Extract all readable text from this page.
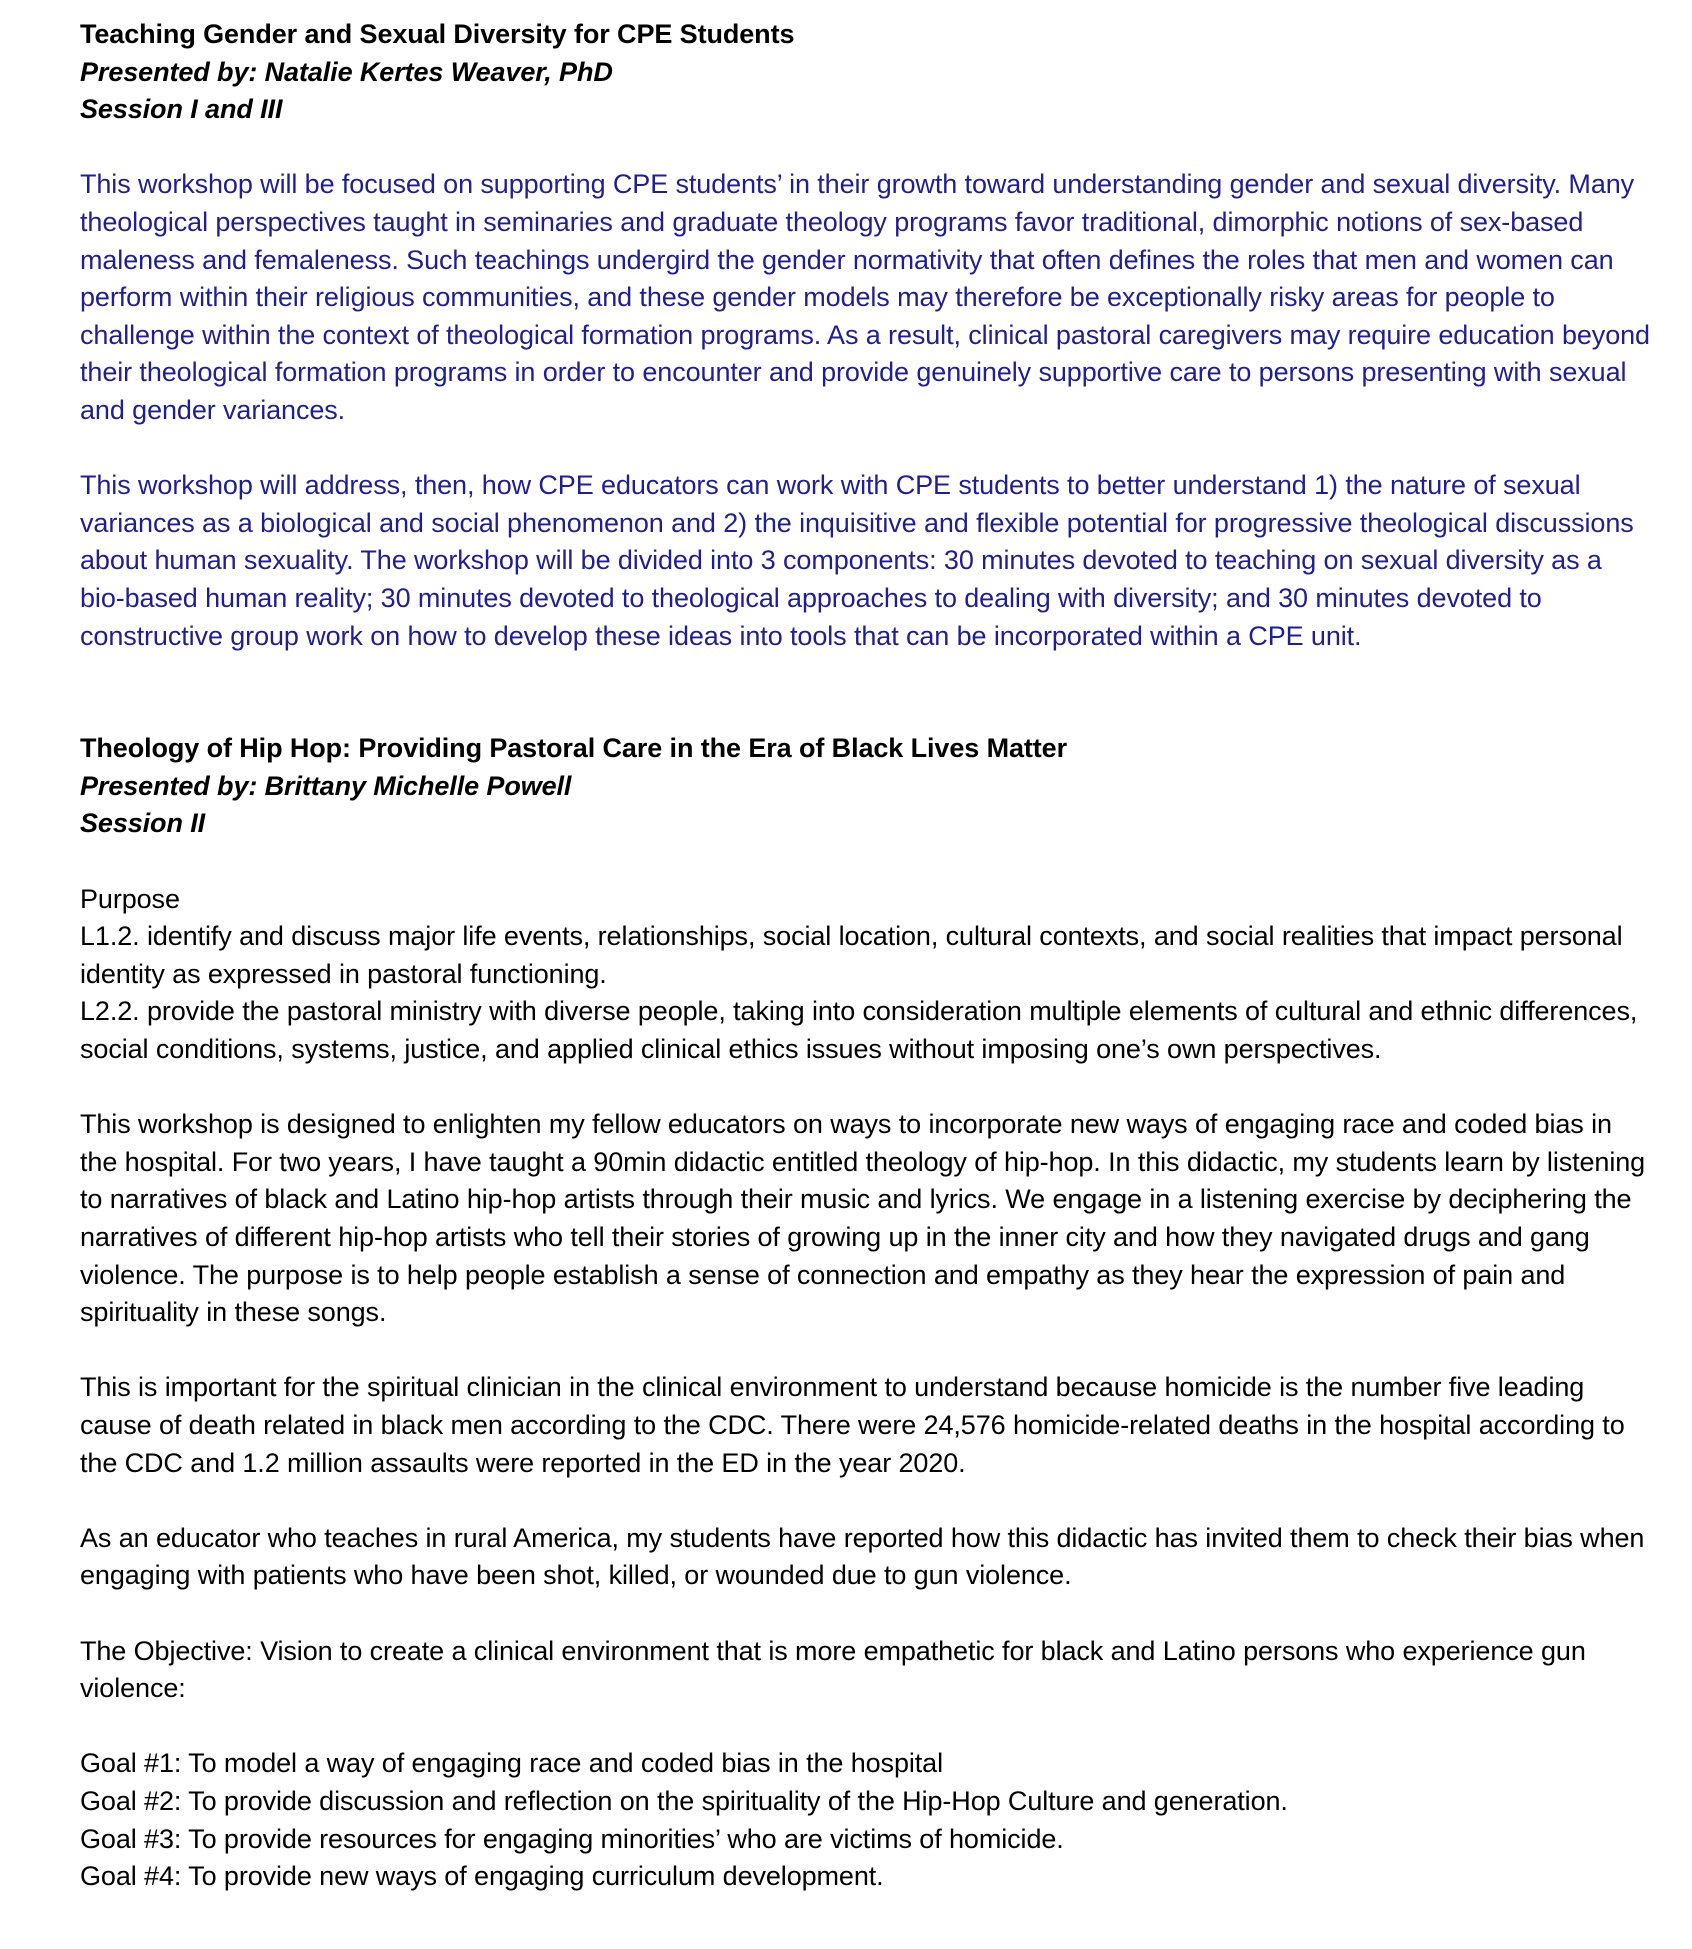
Teaching Gender and Sexual Diversity for CPE Students

Presented by: Natalie Kertes Weaver, PhD

Session I and III

This workshop will be focused on supporting CPE students’ in their growth toward understanding gender and sexual diversity. Many theological perspectives taught in seminaries and graduate theology programs favor traditional, dimorphic notions of sex-based maleness and femaleness. Such teachings undergird the gender normativity that often defines the roles that men and women can perform within their religious communities, and these gender models may therefore be exceptionally risky areas for people to challenge within the context of theological formation programs. As a result, clinical pastoral caregivers may require education beyond their theological formation programs in order to encounter and provide genuinely supportive care to persons presenting with sexual and gender variances.

This workshop will address, then, how CPE educators can work with CPE students to better understand 1) the nature of sexual variances as a biological and social phenomenon and 2) the inquisitive and flexible potential for progressive theological discussions about human sexuality. The workshop will be divided into 3 components: 30 minutes devoted to teaching on sexual diversity as a bio-based human reality; 30 minutes devoted to theological approaches to dealing with diversity; and 30 minutes devoted to constructive group work on how to develop these ideas into tools that can be incorporated within a CPE unit.

Theology of Hip Hop: Providing Pastoral Care in the Era of Black Lives Matter

Presented by: Brittany Michelle Powell

Session II

Purpose

L1.2. identify and discuss major life events, relationships, social location, cultural contexts, and social realities that impact personal identity as expressed in pastoral functioning.

L2.2. provide the pastoral ministry with diverse people, taking into consideration multiple elements of cultural and ethnic differences, social conditions, systems, justice, and applied clinical ethics issues without imposing one’s own perspectives.

This workshop is designed to enlighten my fellow educators on ways to incorporate new ways of engaging race and coded bias in the hospital. For two years, I have taught a 90min didactic entitled theology of hip-hop. In this didactic, my students learn by listening to narratives of black and Latino hip-hop artists through their music and lyrics. We engage in a listening exercise by deciphering the narratives of different hip-hop artists who tell their stories of growing up in the inner city and how they navigated drugs and gang violence. The purpose is to help people establish a sense of connection and empathy as they hear the expression of pain and spirituality in these songs.

This is important for the spiritual clinician in the clinical environment to understand because homicide is the number five leading cause of death related in black men according to the CDC. There were 24,576 homicide-related deaths in the hospital according to the CDC and 1.2 million assaults were reported in the ED in the year 2020.

As an educator who teaches in rural America, my students have reported how this didactic has invited them to check their bias when engaging with patients who have been shot, killed, or wounded due to gun violence.

The Objective: Vision to create a clinical environment that is more empathetic for black and Latino persons who experience gun violence:

Goal #1: To model a way of engaging race and coded bias in the hospital

Goal #2: To provide discussion and reflection on the spirituality of the Hip-Hop Culture and generation.

Goal #3: To provide resources for engaging minorities’ who are victims of homicide.

Goal #4: To provide new ways of engaging curriculum development.
